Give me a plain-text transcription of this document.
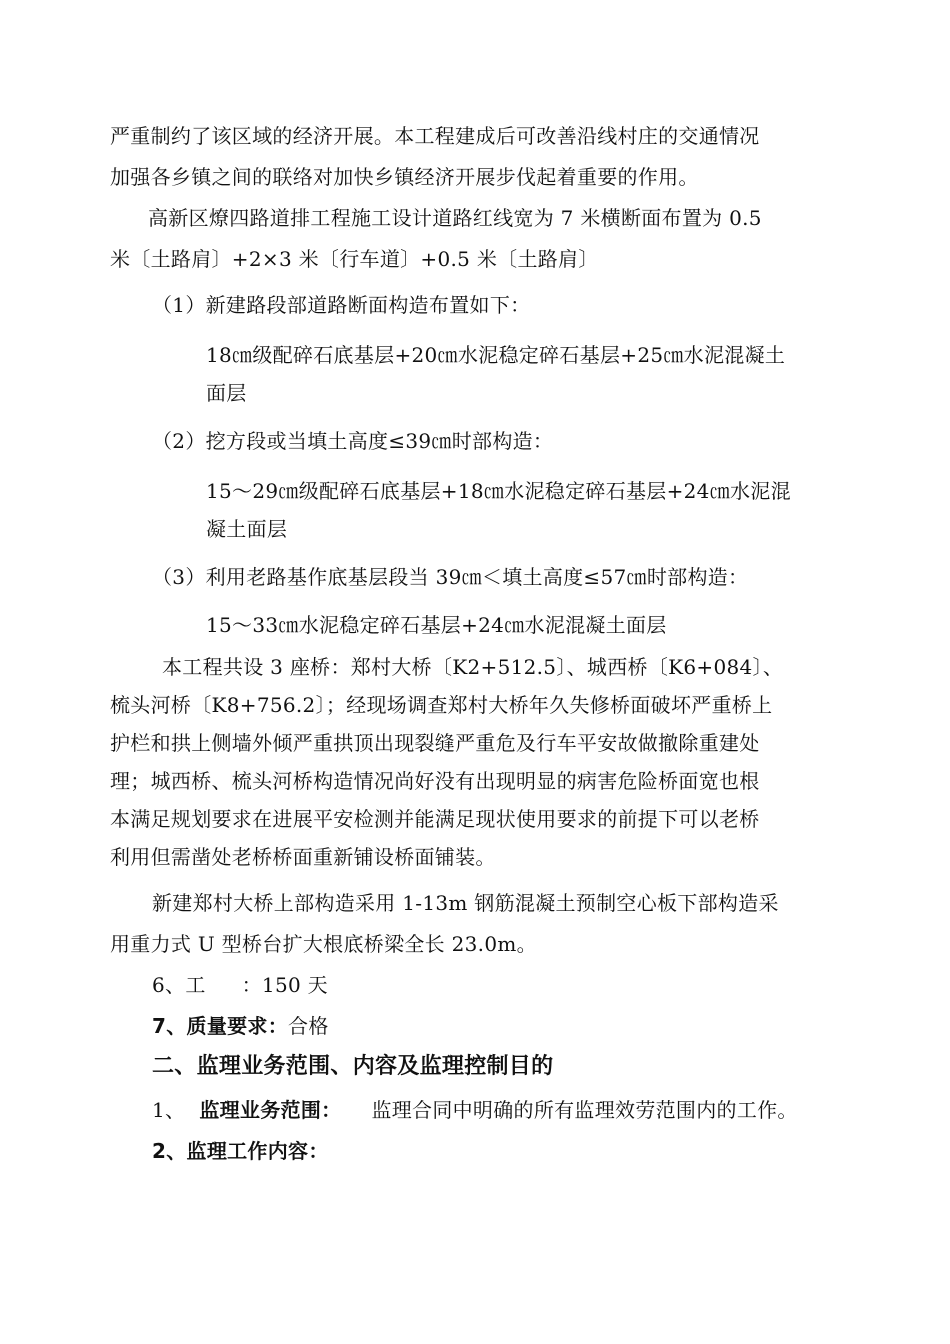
严重制约了该区域的经济开展。本工程建成后可改善沿线村庄的交通情况
加强各乡镇之间的联络对加快乡镇经济开展步伐起着重要的作用。
高新区燎四路道排工程施工设计道路红线宽为 7 米横断面布置为 0.5
米〔土路肩〕+2×3 米〔行车道〕+0.5 米〔土路肩〕
（1）新建路段部道路断面构造布置如下：
18㎝级配碎石底基层+20㎝水泥稳定碎石基层+25㎝水泥混凝土
面层
（2）挖方段或当填土高度≤39㎝时部构造：
15～29㎝级配碎石底基层+18㎝水泥稳定碎石基层+24㎝水泥混
凝土面层
（3）利用老路基作底基层段当 39㎝＜填土高度≤57㎝时部构造：
15～33㎝水泥稳定碎石基层+24㎝水泥混凝土面层
本工程共设 3 座桥：郑村大桥〔K2+512.5〕、城西桥〔K6+084〕、
梳头河桥〔K8+756.2〕；经现场调查郑村大桥年久失修桥面破坏严重桥上
护栏和拱上侧墙外倾严重拱顶出现裂缝严重危及行车平安故做撤除重建处
理；城西桥、梳头河桥构造情况尚好没有出现明显的病害危险桥面宽也根
本满足规划要求在进展平安检测并能满足现状使用要求的前提下可以老桥
利用但需凿处老桥桥面重新铺设桥面铺装。
新建郑村大桥上部构造采用 1-13m 钢筋混凝土预制空心板下部构造采
用重力式 U 型桥台扩大根底桥梁全长 23.0m。
6、工 ：150 天
7、质量要求：合格
二、监理业务范围、内容及监理控制目的
1、 监理业务范围： 监理合同中明确的所有监理效劳范围内的工作。
2、监理工作内容：
